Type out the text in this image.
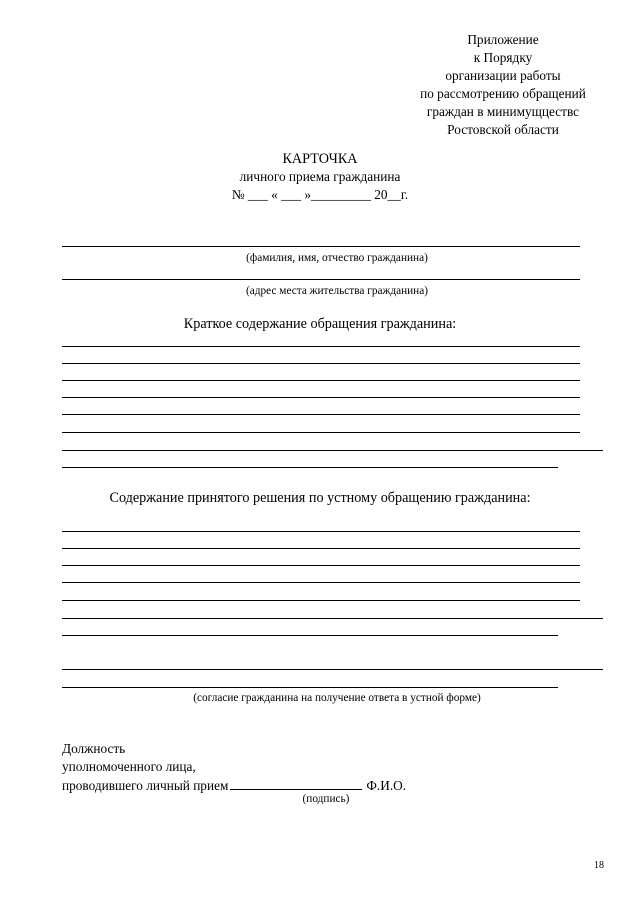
Приложение
к Порядку
организации работы
по рассмотрению обращений
граждан в минимущцествс
Ростовской области
КАРТОЧКА
личного приема гражданина
№ ___ « ___ »_________ 20__г.
(фамилия, имя, отчество гражданина)
(адрес места жительства гражданина)
Краткое содержание обращения гражданина:
Содержание принятого решения по устному обращению гражданина:
(согласие гражданина на получение ответа в устной форме)
Должность
уполномоченного лица,
проводившего личный прием	Ф.И.О.
(подпись)
18
